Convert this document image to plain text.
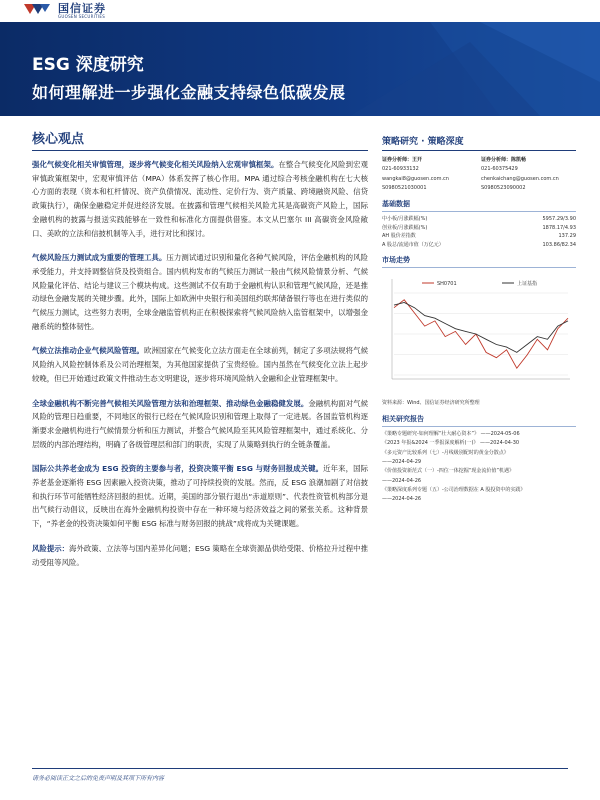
国信证券
GUOSEN SECURITIES
ESG 深度研究
如何理解进一步强化金融支持绿色低碳发展
核心观点

强化气候变化相关审慎管理，逐步将气候变化相关风险纳入宏观审慎框架。在整合气候变化风险到宏观审慎政策框架中，宏观审慎评估（MPA）体系发挥了核心作用。MPA 通过综合考核金融机构在七大核心方面的表现（资本和杠杆情况、资产负债情况、流动性、定价行为、资产质量、跨境融资风险、信贷政策执行），确保金融稳定并促进经济发展。在披露和管理气候相关风险尤其是高碳资产风险上，国际金融机构的披露与报送实践能够在一致性和标准化方面提供借鉴。本文从巴塞尔 III 高碳资金风险敞口、美欧的立法和信披机制等入手，进行对比和探讨。

气候风险压力测试成为重要的管理工具。压力测试通过识别和量化各种气候风险，评估金融机构的风险承受能力，并支持调整信贷及投资组合。国内机构发布的气候压力测试一般由气候风险情景分析、气候风险量化评估、结论与建议三个模块构成。这些测试不仅有助于金融机构认识和管理气候风险，还是推动绿色金融发展的关键步骤。此外，国际上如欧洲中央银行和美国纽约联邦储备银行等也在进行类似的气候压力测试，这些努力表明，全球金融监管机构正在积极探索将气候风险纳入监管框架中，以增强金融系统的整体韧性。

气候立法推动企业气候风险管理。欧洲国家在气候变化立法方面走在全球前列，制定了多项法规将气候风险纳入风险控制体系及公司治理框架，为其他国家提供了宝贵经验。国内虽然在气候变化立法上起步较晚，但已开始通过政策文件推动生态文明建设，逐步将环境风险纳入金融和企业管理框架中。

全球金融机构不断完善气候相关风险管理方法和治理框架、推动绿色金融稳健发展。金融机构面对气候风险的管理日趋重要，不同地区的银行已经在气候风险识别和管理上取得了一定进展。各国监管机构逐渐要求金融机构进行气候情景分析和压力测试，并整合气候风险至其风险管理框架中，通过系统化、分层级的内部治理结构，明确了各级管理层和部门的职责，实现了从策略到执行的全链条覆盖。

国际公共养老金成为 ESG 投资的主要参与者，投资决策平衡 ESG 与财务回报成关键。近年来，国际养老基金逐渐将 ESG 因素融入投资决策，推动了可持续投资的发展。然而，反 ESG 浪潮加剧了对信披和执行环节可能牺牲经济回报的担忧。近期，美国的部分银行退出“赤道原则”、代表性资管机构部分退出气候行动倡议，反映出在海外金融机构投资中存在一种环境与经济效益之间的紧张关系。这种背景下，“养老金的投资决策如何平衡 ESG 标准与财务回报的挑战”成将成为关键课题。

风险提示：海外政策、立法等与国内差异化问题；ESG 策略在全球资源品供给受限、价格拉升过程中推动受阻等风险。

策略研究 · 策略深度
证券分析师：王开
021-60933132
wangkai8@guosen.com.cn
S0980521030001
证券分析师：陈凯畅
021-60375429
chenkaichang@guosen.com.cn
S0980523090002
基础数据
中小板/月涨跌幅(%)	5957.29/3.90
创业板/月涨跌幅(%)	1878.17/4.93
AH 股价差指数	137.29
A 股总/流通市值（万亿元）	103.86/82.34
市场走势
SH0701	上证基指
资料来源：Wind、国信证券经济研究所整理
相关研究报告
《策略专题研究-如何理解“壮大耐心资本”》 ——2024-05-06
《2023 年报&2024 一季报深度解析(一)》 ——2024-04-30
《多元资产比较系列（七）-月线级别配时的黄金分散点》
——2024-04-29
《价值投资新范式（一）-四位一体挖掘“现金流价值”机遇》
——2024-04-26
《策略深度系列专题（五）-公司治理数据在 A 股投资中的实践》
——2024-04-26
请务必阅读正文之后的免责声明及其项下所有内容
